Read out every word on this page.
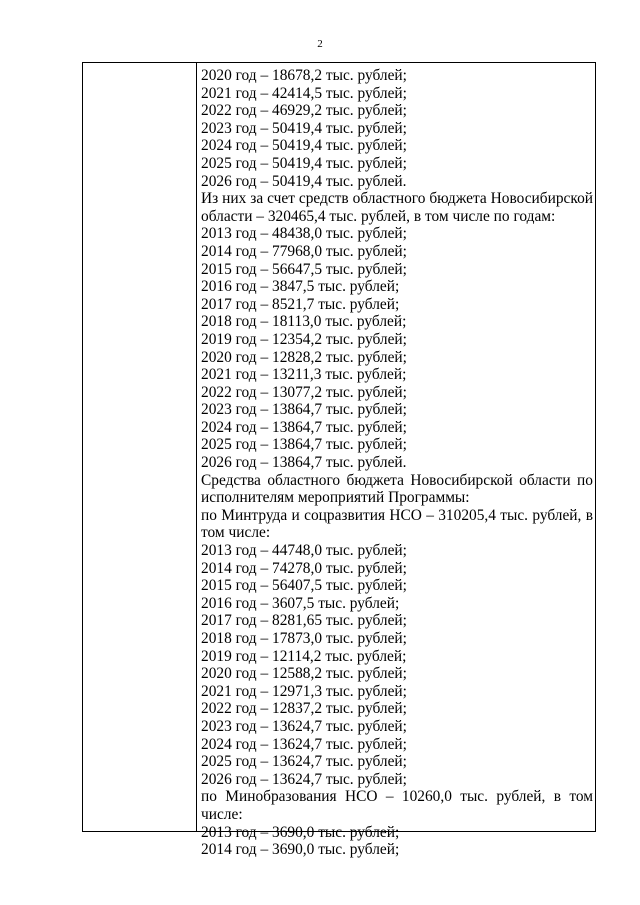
2
2020 год – 18678,2 тыс. рублей;
2021 год – 42414,5 тыс. рублей;
2022 год – 46929,2 тыс. рублей;
2023 год – 50419,4 тыс. рублей;
2024 год – 50419,4 тыс. рублей;
2025 год – 50419,4 тыс. рублей;
2026 год – 50419,4 тыс. рублей.
Из них за счет средств областного бюджета Новосибирской области – 320465,4 тыс. рублей, в том числе по годам:
2013 год – 48438,0 тыс. рублей;
2014 год – 77968,0 тыс. рублей;
2015 год – 56647,5 тыс. рублей;
2016 год – 3847,5 тыс. рублей;
2017 год – 8521,7 тыс. рублей;
2018 год – 18113,0 тыс. рублей;
2019 год – 12354,2 тыс. рублей;
2020 год – 12828,2 тыс. рублей;
2021 год – 13211,3 тыс. рублей;
2022 год – 13077,2 тыс. рублей;
2023 год – 13864,7 тыс. рублей;
2024 год – 13864,7 тыс. рублей;
2025 год – 13864,7 тыс. рублей;
2026 год – 13864,7 тыс. рублей.
Средства областного бюджета Новосибирской области по исполнителям мероприятий Программы:
по Минтруда и соцразвития НСО – 310205,4 тыс. рублей, в том числе:
2013 год – 44748,0 тыс. рублей;
2014 год – 74278,0 тыс. рублей;
2015 год – 56407,5 тыс. рублей;
2016 год – 3607,5 тыс. рублей;
2017 год – 8281,65 тыс. рублей;
2018 год – 17873,0 тыс. рублей;
2019 год – 12114,2 тыс. рублей;
2020 год – 12588,2 тыс. рублей;
2021 год – 12971,3 тыс. рублей;
2022 год – 12837,2 тыс. рублей;
2023 год – 13624,7 тыс. рублей;
2024 год – 13624,7 тыс. рублей;
2025 год – 13624,7 тыс. рублей;
2026 год – 13624,7 тыс. рублей;
по Минобразования НСО – 10260,0 тыс. рублей, в том числе:
2013 год – 3690,0 тыс. рублей;
2014 год – 3690,0 тыс. рублей;
